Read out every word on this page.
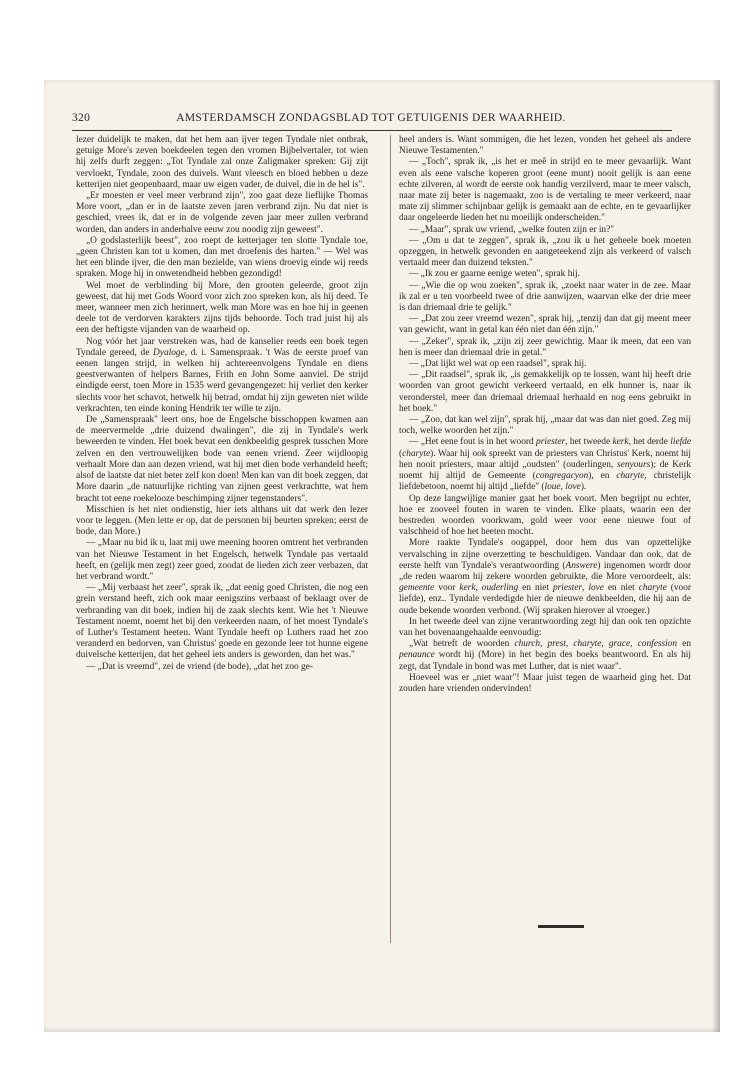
320	AMSTERDAMSCH ZONDAGSBLAD TOT GETUIGENIS DER WAARHEID.

lezer duidelijk te maken, dat het hem aan ijver tegen Tyndale niet ontbrak, getuige More's zeven boekdeelen tegen den vromen Bijbelvertaler, tot wien hij zelfs durft zeggen: „Tot Tyndale zal onze Zaligmaker spreken: Gij zijt vervloekt, Tyndale, zoon des duivels. Want vleesch en bloed hebben u deze ketterijen niet geopenbaard, maar uw eigen vader, de duivel, die in de hel is".

„Er moesten er veel meer verbrand zijn", zoo gaat deze lieflijke Thomas More voort, „dan er in de laatste zeven jaren verbrand zijn. Nu dat niet is geschied, vrees ik, dat er in de volgende zeven jaar meer zullen verbrand worden, dan anders in anderhalve eeuw zou noodig zijn geweest".

„O godslasterlijk beest", zoo roept de ketterjager ten slotte Tyndale toe, „geen Christen kan tot u komen, dan met droefenis des harten." — Wel was het een blinde ijver, die den man bezielde, van wiens droevig einde wij reeds spraken. Moge hij in onwetendheid hebben gezondigd!

Wel moet de verblinding bij More, den grooten geleerde, groot zijn geweest, dat hij met Gods Woord voor zich zoo spreken kon, als hij deed. Te meer, wanneer men zich herinnert, welk man More was en hoe hij in geenen deele tot de verdorven karakters zijns tijds behoorde. Toch trad juist hij als een der heftigste vijanden van de waarheid op.

Nog vóór het jaar verstreken was, had de kanselier reeds een boek tegen Tyndale gereed, de Dyaloge, d. i. Samenspraak. 't Was de eerste proef van eenen langen strijd, in welken hij achtereenvolgens Tyndale en diens geestverwanten of helpers Barnes, Frith en John Some aanviel. De strijd eindigde eerst, toen More in 1535 werd gevangengezet: hij verliet den kerker slechts voor het schavot, hetwelk hij betrad, omdat hij zijn geweten niet wilde verkrachten, ten einde koning Hendrik ter wille te zijn.

De „Samenspraak" leert ons, hoe de Engelsche bisschoppen kwamen aan de meervermelde „drie duizend dwalingen", die zij in Tyndale's werk beweerden te vinden. Het boek bevat een denkbeeldig gesprek tusschen More zelven en den vertrouwelijken bode van eenen vriend. Zeer wijdloopig verhaalt More dan aan dezen vriend, wat hij met dien bode verhandeld heeft; alsof de laatste dat niet beter zelf kon doen! Men kan van dit boek zeggen, dat More daarin „de natuurlijke richting van zijnen geest verkrachtte, wat hem bracht tot eene roekelooze beschimping zijner tegenstanders".

Misschien is het niet ondienstig, hier iets althans uit dat werk den lezer voor te leggen. (Men lette er op, dat de personen bij beurten spreken; eerst de bode, dan More.)

— „Maar nu bid ik u, laat mij uwe meening hooren omtrent het verbranden van het Nieuwe Testament in het Engelsch, hetwelk Tyndale pas vertaald heeft, en (gelijk men zegt) zeer goed, zoodat de lieden zich zeer verbazen, dat het verbrand wordt."

— „Mij verbaast het zeer", sprak ik, „dat eenig goed Christen, die nog een grein verstand heeft, zich ook maar eenigszins verbaast of beklaagt over de verbranding van dit boek, indien hij de zaak slechts kent. Wie het 't Nieuwe Testament noemt, noemt het bij den verkeerden naam, of het moest Tyndale's of Luther's Testament heeten. Want Tyndale heeft op Luthers raad het zoo veranderd en bedorven, van Christus' goede en gezonde leer tot hunne eigene duivelsche ketterijen, dat het geheel iets anders is geworden, dan het was."

— „Dat is vreemd", zei de vriend (de bode), „dat het zoo ge-

heel anders is. Want sommigen, die het lezen, vonden het geheel als andere Nieuwe Testamenten."

— „Toch", sprak ik, „is het er meê in strijd en te meer gevaarlijk. Want even als eene valsche koperen groot (eene munt) nooit gelijk is aan eene echte zilveren, al wordt de eerste ook handig verzilverd, maar te meer valsch, naar mate zij beter is nagemaakt, zoo is de vertaling te meer verkeerd, naar mate zij slimmer schijnbaar gelijk is gemaakt aan de echte, en te gevaarlijker daar ongeleerde lieden het nu moeilijk onderscheiden."

— „Maar", sprak uw vriend, „welke fouten zijn er in?"

— „Om u dat te zeggen", sprak ik, „zou ik u het geheele boek moeten opzeggen, in hetwelk gevonden en aangeteekend zijn als verkeerd of valsch vertaald meer dan duizend teksten."

— „Ik zou er gaarne eenige weten", sprak hij.

— „Wie die op wou zoeken", sprak ik, „zoekt naar water in de zee. Maar ik zal er u ten voorbeeld twee of drie aanwijzen, waarvan elke der drie meer is dan driemaal drie te gelijk."

— „Dat zou zeer vreemd wezen", sprak hij, „tenzij dan dat gij meent meer van gewicht, want in getal kan één niet dan één zijn."

— „Zeker", sprak ik, „zijn zij zeer gewichtig. Maar ik meen, dat een van hen is meer dan driemaal drie in getal."

— „Dat lijkt wel wat op een raadsel", sprak hij.

— „Dit raadsel", sprak ik, „is gemakkelijk op te lossen, want hij heeft drie woorden van groot gewicht verkeerd vertaald, en elk hunner is, naar ik veronderstel, meer dan driemaal driemaal herhaald en nog eens gebruikt in het boek."

— „Zoo, dat kan wel zijn", sprak hij, „maar dat was dan niet goed. Zeg mij toch, welke woorden het zijn."

— „Het eene fout is in het woord priester, het tweede kerk, het derde liefde (charyte). Waar hij ook spreekt van de priesters van Christus' Kerk, noemt hij hen nooit priesters, maar altijd „oudsten" (ouderlingen, senyours); de Kerk noemt hij altijd de Gemeente (congregacyon), en charyte, christelijk liefdebetoon, noemt hij altijd „liefde" (loue, love).

Op deze langwijlige manier gaat het boek voort. Men begrijpt nu echter, hoe er zooveel fouten in waren te vinden. Elke plaats, waarin een der bestreden woorden voorkwam, gold weer voor eene nieuwe fout of valschheid of hoe het heeten mocht.

More raakte Tyndale's oogappel, door hem dus van opzettelijke vervalsching in zijne overzetting te beschuldigen. Vandaar dan ook, dat de eerste helft van Tyndale's verantwoording (Answere) ingenomen wordt door „de reden waarom hij zekere woorden gebruikte, die More veroordeelt, als: gemeente voor kerk, ouderling en niet priester, love en niet charyte (voor liefde), enz.. Tyndale verdedigde hier de nieuwe denkbeelden, die hij aan de oude bekende woorden verbond. (Wij spraken hierover al vroeger.)

In het tweede deel van zijne verantwoording zegt hij dan ook ten opzichte van het bovenaangehaalde eenvoudig:

„Wat betreft de woorden church, prest, charyte, grace, confession en penaunce wordt hij (More) in het begin des boeks beantwoord. En als hij zegt, dat Tyndale in bond was met Luther, dat is niet waar".

Hoeveel was er „niet waar"! Maar juist tegen de waarheid ging het. Dat zouden hare vrienden ondervinden!
